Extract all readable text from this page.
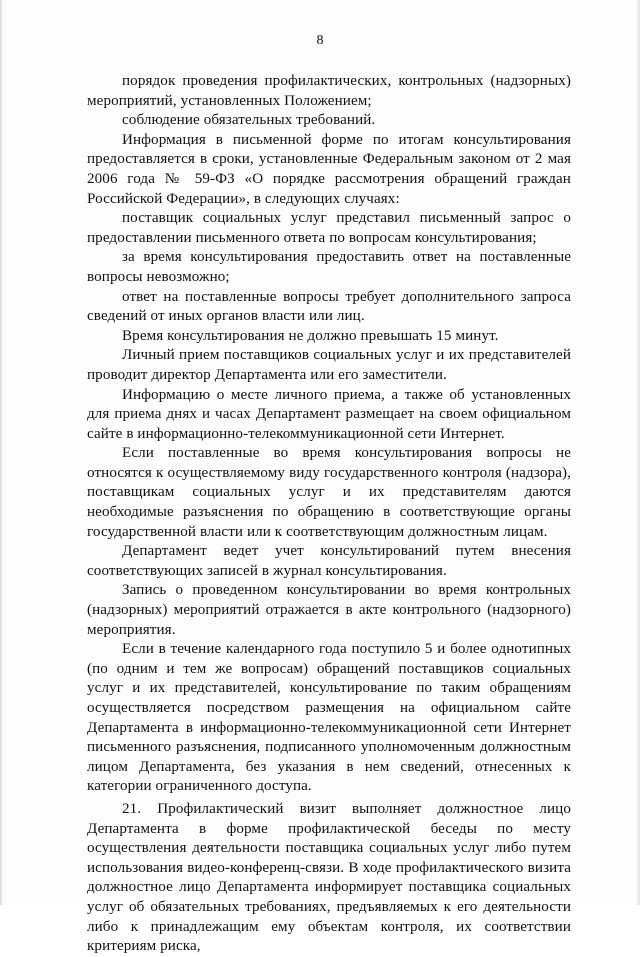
8

порядок проведения профилактических, контрольных (надзорных) мероприятий, установленных Положением;

соблюдение обязательных требований.

Информация в письменной форме по итогам консультирования предоставляется в сроки, установленные Федеральным законом от 2 мая 2006 года № 59-ФЗ «О порядке рассмотрения обращений граждан Российской Федерации», в следующих случаях:

поставщик социальных услуг представил письменный запрос о предоставлении письменного ответа по вопросам консультирования;

за время консультирования предоставить ответ на поставленные вопросы невозможно;

ответ на поставленные вопросы требует дополнительного запроса сведений от иных органов власти или лиц.

Время консультирования не должно превышать 15 минут.

Личный прием поставщиков социальных услуг и их представителей проводит директор Департамента или его заместители.

Информацию о месте личного приема, а также об установленных для приема днях и часах Департамент размещает на своем официальном сайте в информационно-телекоммуникационной сети Интернет.

Если поставленные во время консультирования вопросы не относятся к осуществляемому виду государственного контроля (надзора), поставщикам социальных услуг и их представителям даются необходимые разъяснения по обращению в соответствующие органы государственной власти или к соответствующим должностным лицам.

Департамент ведет учет консультирований путем внесения соответствующих записей в журнал консультирования.

Запись о проведенном консультировании во время контрольных (надзорных) мероприятий отражается в акте контрольного (надзорного) мероприятия.

Если в течение календарного года поступило 5 и более однотипных (по одним и тем же вопросам) обращений поставщиков социальных услуг и их представителей, консультирование по таким обращениям осуществляется посредством размещения на официальном сайте Департамента в информационно-телекоммуникационной сети Интернет письменного разъяснения, подписанного уполномоченным должностным лицом Департамента, без указания в нем сведений, отнесенных к категории ограниченного доступа.

21. Профилактический визит выполняет должностное лицо Департамента в форме профилактической беседы по месту осуществления деятельности поставщика социальных услуг либо путем использования видео-конференц-связи. В ходе профилактического визита должностное лицо Департамента информирует поставщика социальных услуг об обязательных требованиях, предъявляемых к его деятельности либо к принадлежащим ему объектам контроля, их соответствии критериям риска,
